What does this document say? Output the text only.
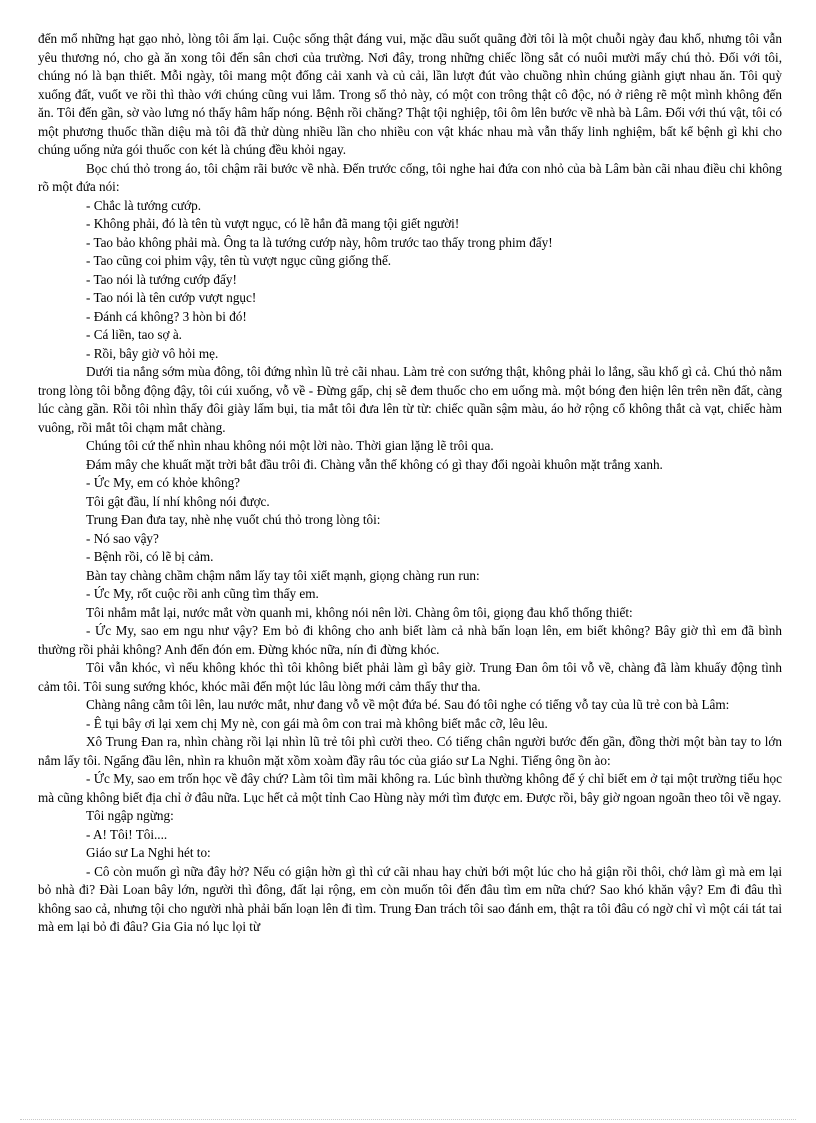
đến mổ những hạt gạo nhỏ, lòng tôi ấm lại. Cuộc sống thật đáng vui, mặc dầu suốt quãng đời tôi là một chuỗi ngày đau khổ, nhưng tôi vẫn yêu thương nó, cho gà ăn xong tôi đến sân chơi của trường. Nơi đây, trong những chiếc lồng sắt có nuôi mười mấy chú thỏ. Đối với tôi, chúng nó là bạn thiết. Mỗi ngày, tôi mang một đống cải xanh và củ cải, lần lượt đút vào chuồng nhìn chúng giành giựt nhau ăn. Tôi quỳ xuống đất, vuốt ve rồi thì thào với chúng cũng vui lắm. Trong số thỏ này, có một con trông thật cô độc, nó ở riêng rẽ một mình không đến ăn. Tôi đến gần, sờ vào lưng nó thấy hâm hấp nóng. Bệnh rồi chăng? Thật tội nghiệp, tôi ôm lên bước về nhà bà Lâm. Đối với thú vật, tôi có một phương thuốc thần diệu mà tôi đã thử dùng nhiều lần cho nhiều con vật khác nhau mà vẫn thấy linh nghiệm, bất kể bệnh gì khi cho chúng uống nửa gói thuốc con két là chúng đều khỏi ngay.

Bọc chú thỏ trong áo, tôi chậm rãi bước về nhà. Đến trước cổng, tôi nghe hai đứa con nhỏ của bà Lâm bàn cãi nhau điều chi không rõ một đứa nói:

- Chắc là tướng cướp.

- Không phải, đó là tên tù vượt ngục, có lẽ hắn đã mang tội giết người!

- Tao bảo không phải mà. Ông ta là tướng cướp này, hôm trước tao thấy trong phim đấy!

- Tao cũng coi phim vậy, tên tù vượt ngục cũng giống thế.

- Tao nói là tướng cướp đấy!

- Tao nói là tên cướp vượt ngục!

- Đánh cá không? 3 hòn bi đó!

- Cá liền, tao sợ à.

- Rồi, bây giờ vô hỏi mẹ.

Dưới tia nắng sớm mùa đông, tôi đứng nhìn lũ trẻ cãi nhau. Làm trẻ con sướng thật, không phải lo lắng, sầu khổ gì cả. Chú thỏ nằm trong lòng tôi bỗng động đậy, tôi cúi xuống, vỗ về - Đừng gấp, chị sẽ đem thuốc cho em uống mà. một bóng đen hiện lên trên nền đất, càng lúc càng gần. Rồi tôi nhìn thấy đôi giày lấm bụi, tia mắt tôi đưa lên từ từ: chiếc quần sậm màu, áo hở rộng cổ không thắt cà vạt, chiếc hàm vuông, rồi mắt tôi chạm mắt chàng.

Chúng tôi cứ thế nhìn nhau không nói một lời nào. Thời gian lặng lẽ trôi qua.

Đám mây che khuất mặt trời bắt đầu trôi đi. Chàng vẫn thế không có gì thay đổi ngoài khuôn mặt trắng xanh.

- Ức My, em có khỏe không?

Tôi gật đầu, lí nhí không nói được.

Trung Đan đưa tay, nhè nhẹ vuốt chú thỏ trong lòng tôi:

- Nó sao vậy?

- Bệnh rồi, có lẽ bị cảm.

Bàn tay chàng chầm chậm nắm lấy tay tôi xiết mạnh, giọng chàng run run:

- Ức My, rốt cuộc rồi anh cũng tìm thấy em.

Tôi nhắm mắt lại, nước mắt vờn quanh mi, không nói nên lời. Chàng ôm tôi, giọng đau khổ thống thiết:

- Ức My, sao em ngu như vậy? Em bỏ đi không cho anh biết làm cả nhà bấn loạn lên, em biết không? Bây giờ thì em đã bình thường rồi phải không? Anh đến đón em. Đừng khóc nữa, nín đi đừng khóc.

Tôi vẫn khóc, vì nếu không khóc thì tôi không biết phải làm gì bây giờ. Trung Đan ôm tôi vỗ về, chàng đã làm khuấy động tình cảm tôi. Tôi sung sướng khóc, khóc mãi đến một lúc lâu lòng mới cảm thấy thư tha.

Chàng nâng cằm tôi lên, lau nước mắt, như đang vỗ về một đứa bé. Sau đó tôi nghe có tiếng vỗ tay của lũ trẻ con bà Lâm:

- Ê tụi bây ơi lại xem chị My nè, con gái mà ôm con trai mà không biết mắc cỡ, lêu lêu.

Xô Trung Đan ra, nhìn chàng rồi lại nhìn lũ trẻ tôi phì cười theo. Có tiếng chân người bước đến gần, đồng thời một bàn tay to lớn nắm lấy tôi. Ngẩng đầu lên, nhìn ra khuôn mặt xồm xoàm đầy râu tóc của giáo sư La Nghi. Tiếng ông ồn ào:

- Ức My, sao em trốn học về đây chứ? Làm tôi tìm mãi không ra. Lúc bình thường không để ý chỉ biết em ở tại một trường tiểu học mà cũng không biết địa chỉ ở đâu nữa. Lục hết cả một tỉnh Cao Hùng này mới tìm được em. Được rồi, bây giờ ngoan ngoãn theo tôi về ngay.

Tôi ngập ngừng:

- A! Tôi! Tôi....

Giáo sư La Nghi hét to:

- Cô còn muốn gì nữa đây hở? Nếu có giận hờn gì thì cứ cãi nhau hay chửi bới một lúc cho hả giận rồi thôi, chớ làm gì mà em lại bỏ nhà đi? Đài Loan bây lớn, người thì đông, đất lại rộng, em còn muốn tôi đến đâu tìm em nữa chứ? Sao khó khăn vậy? Em đi đâu thì không sao cả, nhưng tội cho người nhà phải bấn loạn lên đi tìm. Trung Đan trách tôi sao đánh em, thật ra tôi đâu có ngờ chỉ vì một cái tát tai mà em lại bỏ đi đâu? Gia Gia nó lục lọi từ
